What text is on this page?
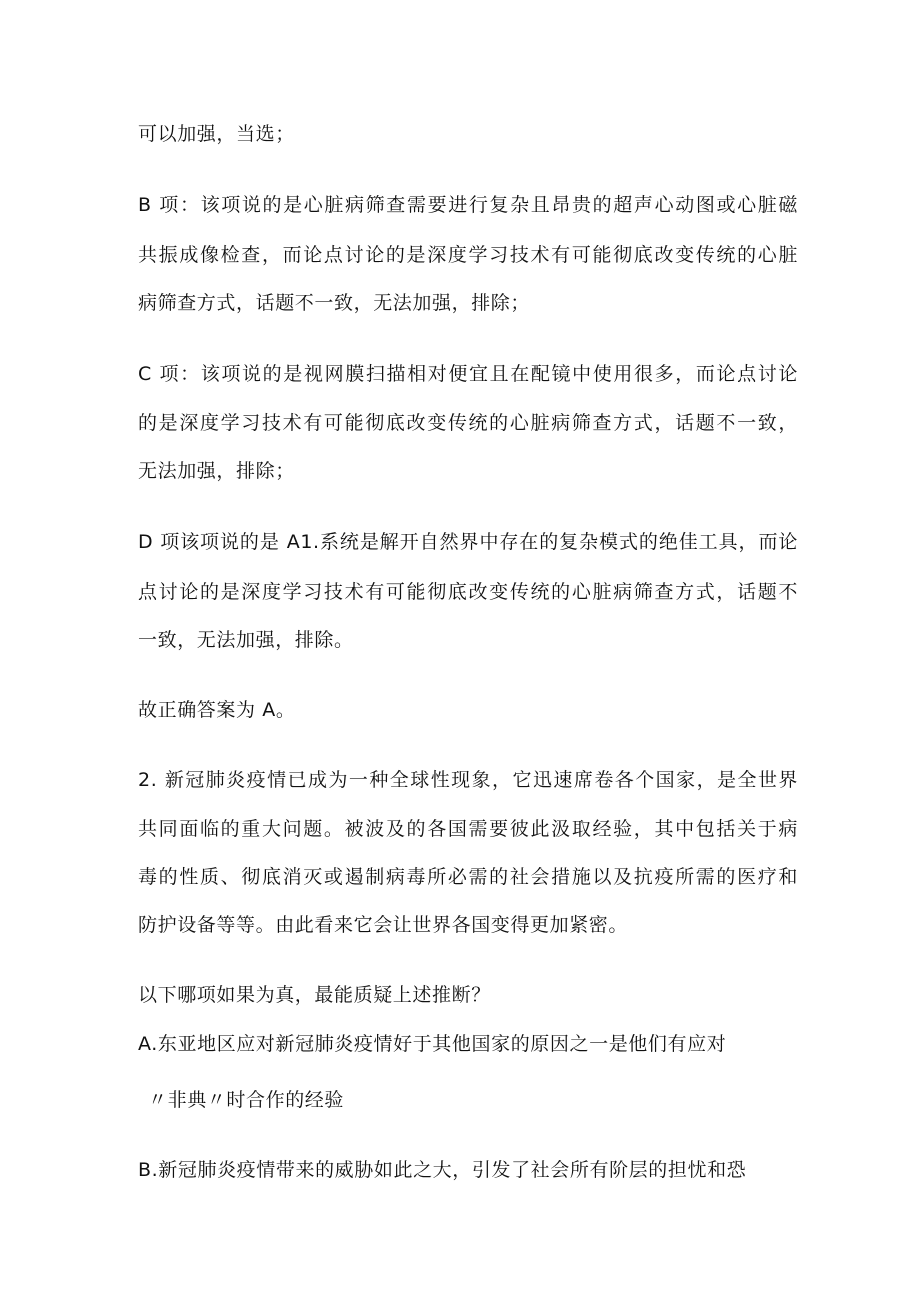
可以加强，当选；
B 项：该项说的是心脏病筛查需要进行复杂且昂贵的超声心动图或心脏磁
共振成像检查，而论点讨论的是深度学习技术有可能彻底改变传统的心脏
病筛查方式，话题不一致，无法加强，排除；
C 项：该项说的是视网膜扫描相对便宜且在配镜中使用很多，而论点讨论
的是深度学习技术有可能彻底改变传统的心脏病筛查方式，话题不一致，
无法加强，排除；
D 项该项说的是 A1.系统是解开自然界中存在的复杂模式的绝佳工具，而论
点讨论的是深度学习技术有可能彻底改变传统的心脏病筛查方式，话题不
一致，无法加强，排除。
故正确答案为 A。
2. 新冠肺炎疫情已成为一种全球性现象，它迅速席卷各个国家，是全世界
共同面临的重大问题。被波及的各国需要彼此汲取经验，其中包括关于病
毒的性质、彻底消灭或遏制病毒所必需的社会措施以及抗疫所需的医疗和
防护设备等等。由此看来它会让世界各国变得更加紧密。
以下哪项如果为真，最能质疑上述推断？
A.东亚地区应对新冠肺炎疫情好于其他国家的原因之一是他们有应对
〃非典〃时合作的经验
B.新冠肺炎疫情带来的威胁如此之大，引发了社会所有阶层的担忧和恐
